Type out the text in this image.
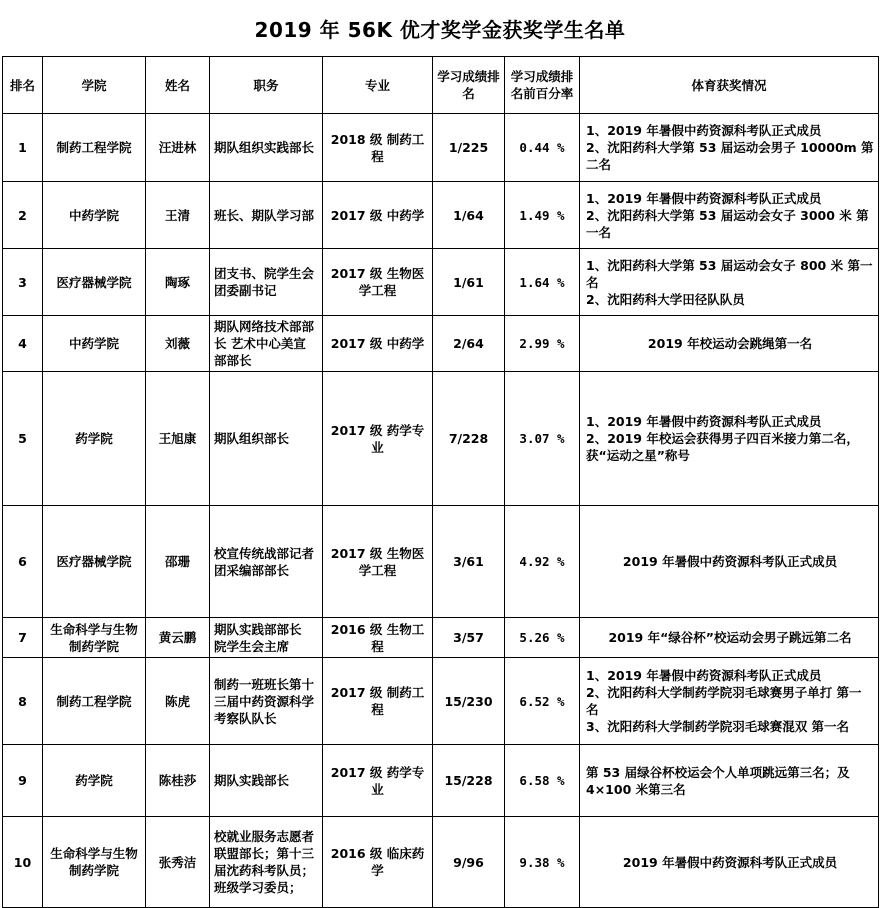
2019 年 56K 优才奖学金获奖学生名单
排名	学院	姓名	职务	专业	学习成绩排名	学习成绩排名前百分率	体育获奖情况
1	制药工程学院	汪进林	期队组织实践部长	2018 级 制药工程	1/225	0.44 %	1、2019 年暑假中药资源科考队正式成员
2、沈阳药科大学第 53 届运动会男子 10000m 第二名

2	中药学院	王清	班长、期队学习部	2017 级 中药学	1/64	1.49 %	1、2019 年暑假中药资源科考队正式成员
2、沈阳药科大学第 53 届运动会女子 3000 米 第一名

3	医疗器械学院	陶琢	团支书、院学生会团委副书记	2017 级 生物医学工程	1/61	1.64 %	1、沈阳药科大学第 53 届运动会女子 800 米 第一名
2、沈阳药科大学田径队队员

4	中药学院	刘薇	期队网络技术部部长 艺术中心美宣部部长	2017 级 中药学	2/64	2.99 %	2019 年校运动会跳绳第一名

5	药学院	王旭康	期队组织部长	2017 级 药学专业	7/228	3.07 %	1、2019 年暑假中药资源科考队正式成员
2、2019 年校运会获得男子四百米接力第二名，获“运动之星”称号

6	医疗器械学院	邵珊	校宣传统战部记者团采编部部长	2017 级 生物医学工程	3/61	4.92 %	2019 年暑假中药资源科考队正式成员

7	生命科学与生物制药学院	黄云鹏	期队实践部部长 院学生会主席	2016 级 生物工程	3/57	5.26 %	2019 年“绿谷杯”校运动会男子跳远第二名

8	制药工程学院	陈虎	制药一班班长第十三届中药资源科学考察队队长	2017 级 制药工程	15/230	6.52 %	1、2019 年暑假中药资源科考队正式成员
2、沈阳药科大学制药学院羽毛球赛男子单打 第一名
3、沈阳药科大学制药学院羽毛球赛混双 第一名

9	药学院	陈桂莎	期队实践部长	2017 级 药学专业	15/228	6.58 %	第 53 届绿谷杯校运会个人单项跳远第三名；及 4×100 米第三名

10	生命科学与生物制药学院	张秀洁	校就业服务志愿者联盟部长；第十三届沈药科考队员；班级学习委员；	2016 级 临床药学	9/96	9.38 %	2019 年暑假中药资源科考队正式成员
